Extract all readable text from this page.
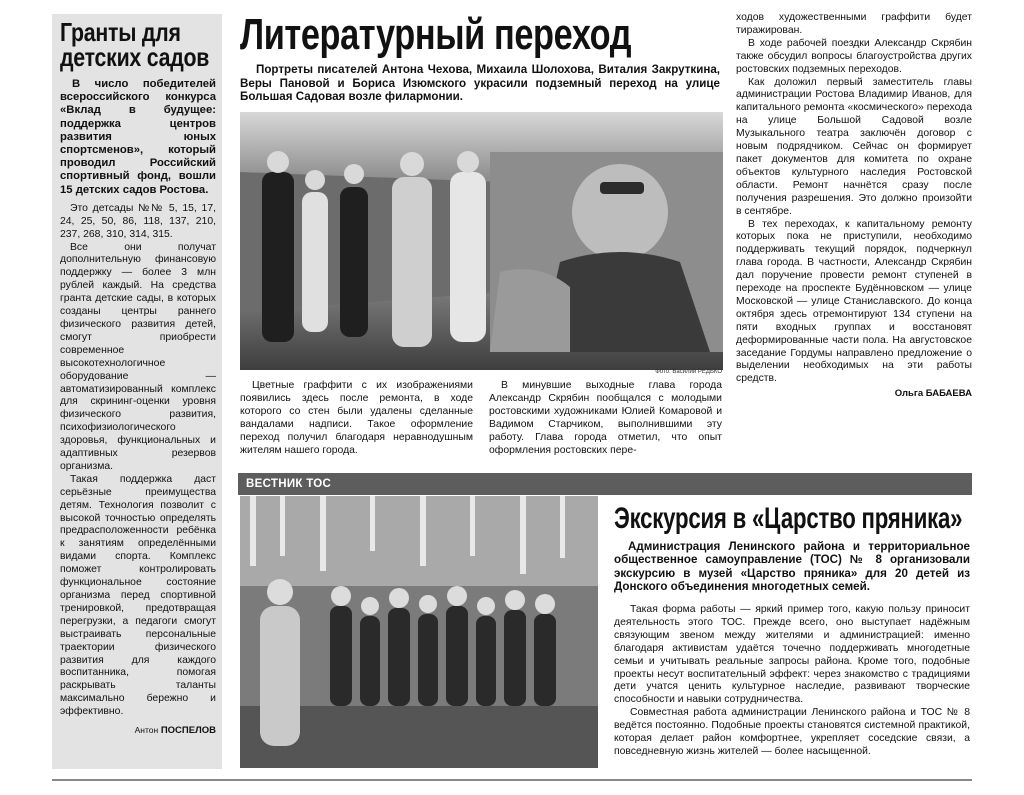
Гранты для детских садов

В число победителей всероссийского конкурса «Вклад в будущее: поддержка центров развития юных спортсменов», который проводил Российский спортивный фонд, вошли 15 детских садов Ростова.

Это детсады №№ 5, 15, 17, 24, 25, 50, 86, 118, 137, 210, 237, 268, 310, 314, 315.

Все они получат дополнительную финансовую поддержку — более 3 млн рублей каждый. На средства гранта детские сады, в которых созданы центры раннего физического развития детей, смогут приобрести современное высокотехнологичное оборудование — автоматизированный комплекс для скрининг-оценки уровня физического развития, психофизиологического здоровья, функциональных и адаптивных резервов организма.

Такая поддержка даст серьёзные преимущества детям. Технология позволит с высокой точностью определять предрасположенности ребёнка к занятиям определёнными видами спорта. Комплекс поможет контролировать функциональное состояние организма перед спортивной тренировкой, предотвращая перегрузки, а педагоги смогут выстраивать персональные траектории физического развития для каждого воспитанника, помогая раскрывать таланты максимально бережно и эффективно.

Антон ПОСПЕЛОВ
Литературный переход

Портреты писателей Антона Чехова, Михаила Шолохова, Виталия Закруткина, Веры Пановой и Бориса Изюмского украсили подземный переход на улице Большая Садовая возле филармонии.

Фото: Василий РЕДЬКО

Цветные граффити с их изображениями появились здесь после ремонта, в ходе которого со стен были удалены сделанные вандалами надписи. Такое оформление переход получил благодаря неравнодушным жителям нашего города.

В минувшие выходные глава города Александр Скрябин пообщался с молодыми ростовскими художниками Юлией Комаровой и Вадимом Старчиком, выполнившими эту работу. Глава города отметил, что опыт оформления ростовских пере-

ходов художественными граффити будет тиражирован.

В ходе рабочей поездки Александр Скрябин также обсудил вопросы благоустройства других ростовских подземных переходов.

Как доложил первый заместитель главы администрации Ростова Владимир Иванов, для капитального ремонта «космического» перехода на улице Большой Садовой возле Музыкального театра заключён договор с новым подрядчиком. Сейчас он формирует пакет документов для комитета по охране объектов культурного наследия Ростовской области. Ремонт начнётся сразу после получения разрешения. Это должно произойти в сентябре.

В тех переходах, к капитальному ремонту которых пока не приступили, необходимо поддерживать текущий порядок, подчеркнул глава города. В частности, Александр Скрябин дал поручение провести ремонт ступеней в переходе на проспекте Будённовском — улице Московской — улице Станиславского. До конца октября здесь отремонтируют 134 ступени на пяти входных группах и восстановят деформированные части пола. На августовское заседание Гордумы направлено предложение о выделении необходимых на эти работы средств.

Ольга БАБАЕВА
ВЕСТНИК ТОС
Экскурсия в «Царство пряника»

Администрация Ленинского района и территориальное общественное самоуправление (ТОС) № 8 организовали экскурсию в музей «Царство пряника» для 20 детей из Донского объединения многодетных семей.

Такая форма работы — яркий пример того, какую пользу приносит деятельность этого ТОС. Прежде всего, оно выступает надёжным связующим звеном между жителями и администрацией: именно благодаря активистам удаётся точечно поддерживать многодетные семьи и учитывать реальные запросы района. Кроме того, подобные проекты несут воспитательный эффект: через знакомство с традициями дети учатся ценить культурное наследие, развивают творческие способности и навыки сотрудничества.

Совместная работа администрации Ленинского района и ТОС № 8 ведётся постоянно. Подобные проекты становятся системной практикой, которая делает район комфортнее, укрепляет соседские связи, а повседневную жизнь жителей — более насыщенной.
